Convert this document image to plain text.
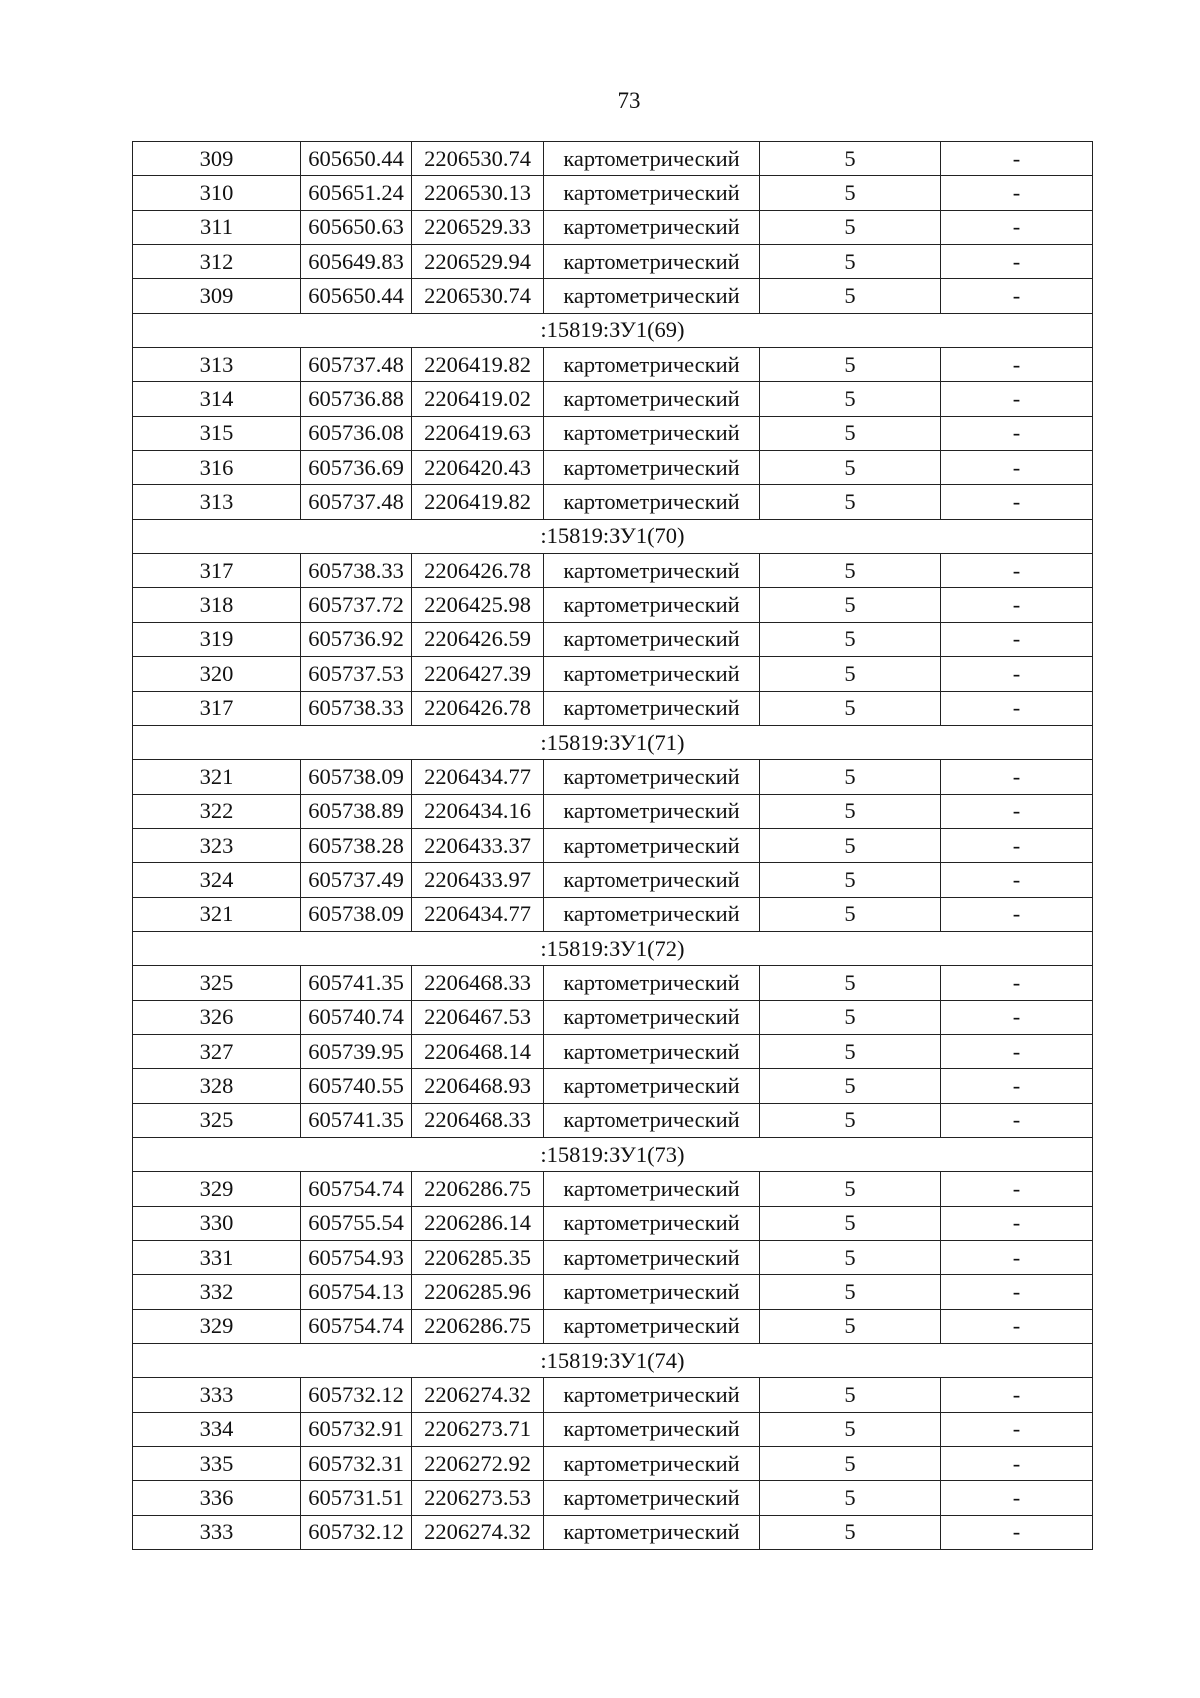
73
309	605650.44	2206530.74	картометрический	5	-
310	605651.24	2206530.13	картометрический	5	-
311	605650.63	2206529.33	картометрический	5	-
312	605649.83	2206529.94	картометрический	5	-
309	605650.44	2206530.74	картометрический	5	-
:15819:ЗУ1(69)					
313	605737.48	2206419.82	картометрический	5	-
314	605736.88	2206419.02	картометрический	5	-
315	605736.08	2206419.63	картометрический	5	-
316	605736.69	2206420.43	картометрический	5	-
313	605737.48	2206419.82	картометрический	5	-
:15819:ЗУ1(70)					
317	605738.33	2206426.78	картометрический	5	-
318	605737.72	2206425.98	картометрический	5	-
319	605736.92	2206426.59	картометрический	5	-
320	605737.53	2206427.39	картометрический	5	-
317	605738.33	2206426.78	картометрический	5	-
:15819:ЗУ1(71)					
321	605738.09	2206434.77	картометрический	5	-
322	605738.89	2206434.16	картометрический	5	-
323	605738.28	2206433.37	картометрический	5	-
324	605737.49	2206433.97	картометрический	5	-
321	605738.09	2206434.77	картометрический	5	-
:15819:ЗУ1(72)					
325	605741.35	2206468.33	картометрический	5	-
326	605740.74	2206467.53	картометрический	5	-
327	605739.95	2206468.14	картометрический	5	-
328	605740.55	2206468.93	картометрический	5	-
325	605741.35	2206468.33	картометрический	5	-
:15819:ЗУ1(73)					
329	605754.74	2206286.75	картометрический	5	-
330	605755.54	2206286.14	картометрический	5	-
331	605754.93	2206285.35	картометрический	5	-
332	605754.13	2206285.96	картометрический	5	-
329	605754.74	2206286.75	картометрический	5	-
:15819:ЗУ1(74)					
333	605732.12	2206274.32	картометрический	5	-
334	605732.91	2206273.71	картометрический	5	-
335	605732.31	2206272.92	картометрический	5	-
336	605731.51	2206273.53	картометрический	5	-
333	605732.12	2206274.32	картометрический	5	-
